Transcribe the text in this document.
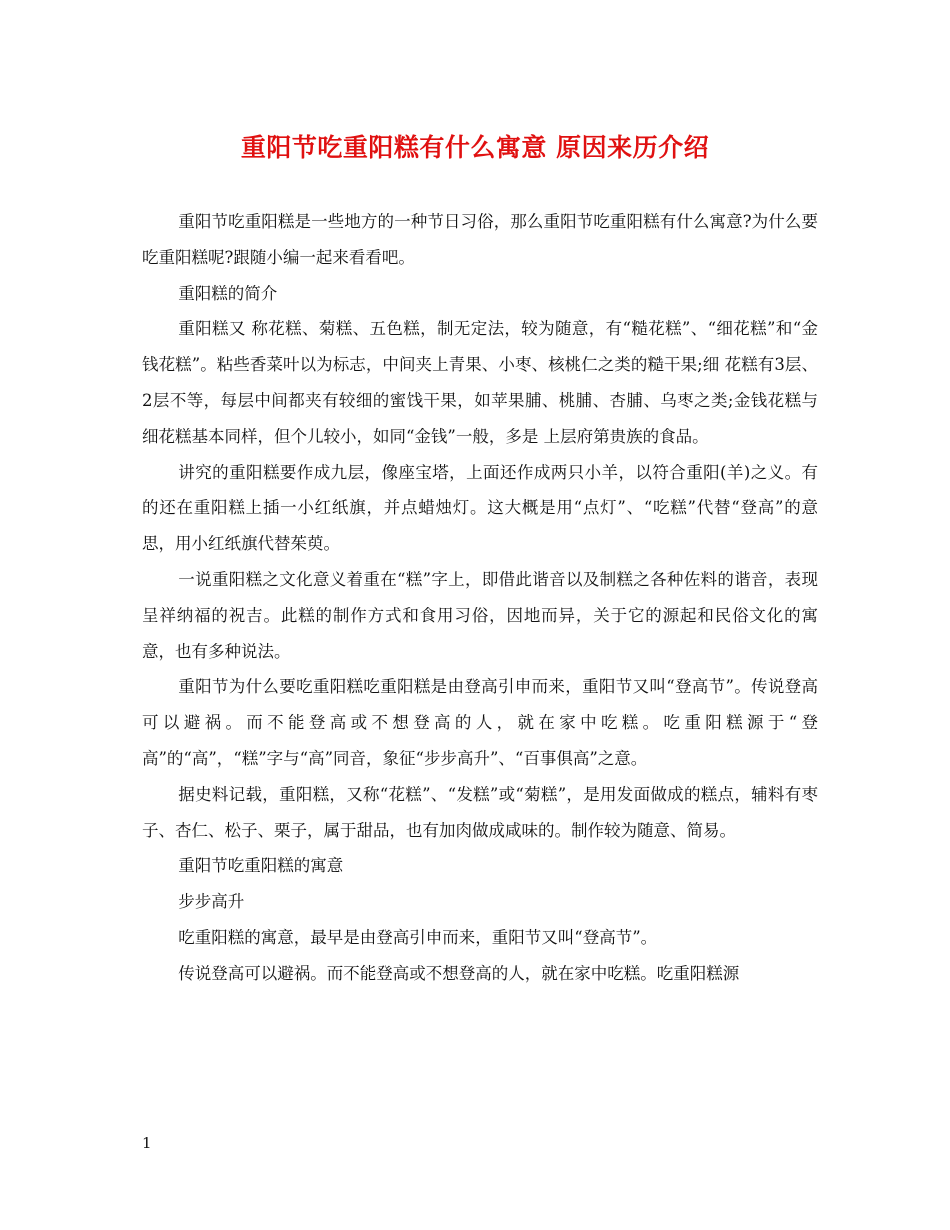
重阳节吃重阳糕有什么寓意 原因来历介绍

重阳节吃重阳糕是一些地方的一种节日习俗，那么重阳节吃重阳糕有什么寓意?为什么要吃重阳糕呢?跟随小编一起来看看吧。

重阳糕的简介

重阳糕又 称花糕、菊糕、五色糕，制无定法，较为随意，有“糙花糕”、“细花糕”和“金钱花糕”。粘些香菜叶以为标志，中间夹上青果、小枣、核桃仁之类的糙干果;细 花糕有3层、2层不等，每层中间都夹有较细的蜜饯干果，如苹果脯、桃脯、杏脯、乌枣之类;金钱花糕与细花糕基本同样，但个儿较小，如同“金钱”一般，多是 上层府第贵族的食品。

讲究的重阳糕要作成九层，像座宝塔，上面还作成两只小羊，以符合重阳(羊)之义。有的还在重阳糕上插一小红纸旗，并点蜡烛灯。这大概是用“点灯”、“吃糕”代替“登高”的意思，用小红纸旗代替茱萸。

一说重阳糕之文化意义着重在“糕”字上，即借此谐音以及制糕之各种佐料的谐音，表现呈祥纳福的祝吉。此糕的制作方式和食用习俗，因地而异，关于它的源起和民俗文化的寓意，也有多种说法。

重阳节为什么要吃重阳糕吃重阳糕是由登高引申而来，重阳节又叫“登高节”。传说登高可以避祸。而不能登高或不想登高的人，就在家中吃糕。吃重阳糕源于“登高”的“高”，“糕”字与“高”同音，象征“步步高升”、“百事俱高”之意。

据史料记载，重阳糕，又称“花糕”、“发糕”或“菊糕”，是用发面做成的糕点，辅料有枣子、杏仁、松子、栗子，属于甜品，也有加肉做成咸味的。制作较为随意、简易。

重阳节吃重阳糕的寓意

步步高升

吃重阳糕的寓意，最早是由登高引申而来，重阳节又叫“登高节”。

传说登高可以避祸。而不能登高或不想登高的人，就在家中吃糕。吃重阳糕源

1
